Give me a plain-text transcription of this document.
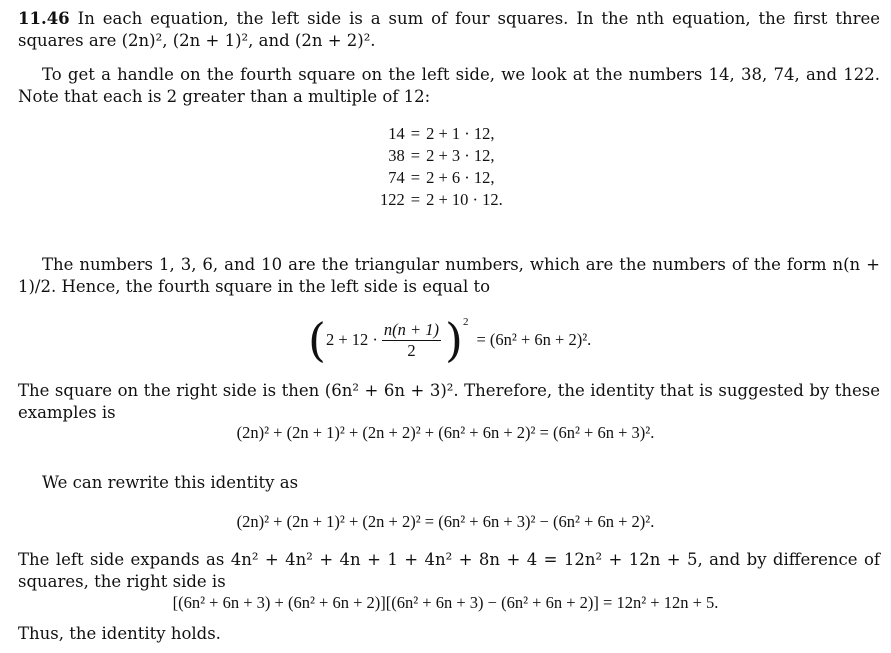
11.46 In each equation, the left side is a sum of four squares. In the nth equation, the first three squares are (2n)², (2n + 1)², and (2n + 2)².
To get a handle on the fourth square on the left side, we look at the numbers 14, 38, 74, and 122. Note that each is 2 greater than a multiple of 12:
14	=	2 + 1 · 12,
38	=	2 + 3 · 12,
74	=	2 + 6 · 12,
122	=	2 + 10 · 12.
The numbers 1, 3, 6, and 10 are the triangular numbers, which are the numbers of the form n(n + 1)/2. Hence, the fourth square in the left side is equal to
( $2 + 12 \cdot \frac{n(n + 1)}{2} )^2$
= (6n² + 6n + 2)².
The square on the right side is then (6n² + 6n + 3)². Therefore, the identity that is suggested by these examples is
(2n)² + (2n + 1)² + (2n + 2)² + (6n² + 6n + 2)² = (6n² + 6n + 3)².
We can rewrite this identity as
(2n)² + (2n + 1)² + (2n + 2)² = (6n² + 6n + 3)² − (6n² + 6n + 2)².
The left side expands as 4n² + 4n² + 4n + 1 + 4n² + 8n + 4 = 12n² + 12n + 5, and by difference of squares, the right side is
[(6n² + 6n + 3) + (6n² + 6n + 2)][(6n² + 6n + 3) − (6n² + 6n + 2)] = 12n² + 12n + 5.
Thus, the identity holds.
